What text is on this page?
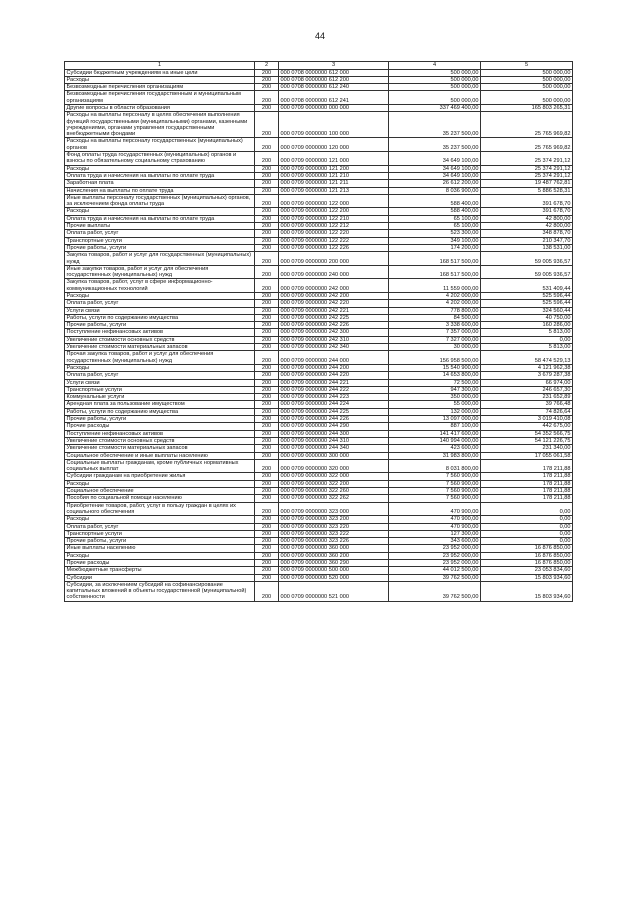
44
1	2	3	4	5
Субсидии бюджетным учреждениям на иные цели	200	000 0708 0000000 612 000	500 000,00	500 000,00
Расходы	200	000 0708 0000000 612 200	500 000,00	500 000,00
Безвозмездные перечисления организациям	200	000 0708 0000000 612 240	500 000,00	500 000,00
Безвозмездные перечисления государственным и муниципальным организациям	200	000 0708 0000000 612 241	500 000,00	500 000,00
Другие вопросы в области образования	200	000 0709 0000000 000 000	337 469 400,00	165 803 265,31
Расходы на выплаты персоналу в целях обеспечения выполнения функций государственными (муниципальными) органами, казенными учреждениями, органами управления государственными внебюджетными фондами	200	000 0709 0000000 100 000	35 237 500,00	25 765 969,82
Расходы на выплаты персоналу государственных (муниципальных) органов	200	000 0709 0000000 120 000	35 237 500,00	25 765 969,82
Фонд оплаты труда государственных (муниципальных) органов и взносы по обязательному социальному страхованию	200	000 0709 0000000 121 000	34 649 100,00	25 374 291,12
Расходы	200	000 0709 0000000 121 200	34 649 100,00	25 374 291,12
Оплата труда и начисления на выплаты по оплате труда	200	000 0709 0000000 121 210	34 649 100,00	25 374 291,12
Заработная плата	200	000 0709 0000000 121 211	26 612 200,00	19 487 762,81
Начисления на выплаты по оплате труда	200	000 0709 0000000 121 213	8 036 900,00	5 886 528,31
Иные выплаты персоналу государственных (муниципальных) органов, за исключением фонда оплаты труда	200	000 0709 0000000 122 000	588 400,00	391 678,70
Расходы	200	000 0709 0000000 122 200	588 400,00	391 678,70
Оплата труда и начисления на выплаты по оплате труда	200	000 0709 0000000 122 210	65 100,00	42 800,00
Прочие выплаты	200	000 0709 0000000 122 212	65 100,00	42 800,00
Оплата работ, услуг	200	000 0709 0000000 122 220	523 300,00	348 878,70
Транспортные услуги	200	000 0709 0000000 122 222	349 100,00	210 347,70
Прочие работы, услуги	200	000 0709 0000000 122 226	174 200,00	138 531,00
Закупка товаров, работ и услуг для государственных (муниципальных) нужд	200	000 0709 0000000 200 000	168 517 500,00	59 005 936,57
Иные закупки товаров, работ и услуг для обеспечения государственных (муниципальных) нужд	200	000 0709 0000000 240 000	168 517 500,00	59 005 936,57
Закупка товаров, работ, услуг в сфере информационно-коммуникационных технологий	200	000 0709 0000000 242 000	11 559 000,00	531 409,44
Расходы	200	000 0709 0000000 242 200	4 202 000,00	525 596,44
Оплата работ, услуг	200	000 0709 0000000 242 220	4 202 000,00	525 596,44
Услуги связи	200	000 0709 0000000 242 221	778 800,00	324 560,44
Работы, услуги по содержанию имущества	200	000 0709 0000000 242 225	84 500,00	40 750,00
Прочие работы, услуги	200	000 0709 0000000 242 226	3 338 600,00	160 286,00
Поступление нефинансовых активов	200	000 0709 0000000 242 300	7 357 000,00	5 813,00
Увеличение стоимости основных средств	200	000 0709 0000000 242 310	7 327 000,00	0,00
Увеличение стоимости материальных запасов	200	000 0709 0000000 242 340	30 000,00	5 813,00
Прочая закупка товаров, работ и услуг для обеспечения государственных (муниципальных) нужд	200	000 0709 0000000 244 000	156 958 500,00	58 474 529,13
Расходы	200	000 0709 0000000 244 200	15 540 900,00	4 121 962,38
Оплата работ, услуг	200	000 0709 0000000 244 220	14 653 800,00	3 679 287,38
Услуги связи	200	000 0709 0000000 244 221	72 500,00	66 974,00
Транспортные услуги	200	000 0709 0000000 244 222	947 300,00	246 657,30
Коммунальные услуги	200	000 0709 0000000 244 223	350 000,00	231 652,89
Арендная плата за пользование имуществом	200	000 0709 0000000 244 224	55 000,00	39 766,48
Работы, услуги по содержанию имущества	200	000 0709 0000000 244 225	132 000,00	74 826,64
Прочие работы, услуги	200	000 0709 0000000 244 226	13 097 000,00	3 019 410,08
Прочие расходы	200	000 0709 0000000 244 290	887 100,00	442 675,00
Поступление нефинансовых активов	200	000 0709 0000000 244 300	141 417 600,00	54 352 566,75
Увеличение стоимости основных средств	200	000 0709 0000000 244 310	140 994 000,00	54 121 226,75
Увеличение стоимости материальных запасов	200	000 0709 0000000 244 340	423 600,00	231 340,00
Социальное обеспечение и иные выплаты населению	200	000 0709 0000000 300 000	31 983 800,00	17 055 061,58
Социальные выплаты гражданам, кроме публичных нормативных социальных выплат	200	000 0709 0000000 320 000	8 031 800,00	178 211,88
Субсидии гражданам на приобретение жилья	200	000 0709 0000000 322 000	7 560 900,00	178 211,88
Расходы	200	000 0709 0000000 322 200	7 560 900,00	178 211,88
Социальное обеспечение	200	000 0709 0000000 322 260	7 560 900,00	178 211,88
Пособия по социальной помощи населению	200	000 0709 0000000 322 262	7 560 900,00	178 211,88
Приобретение товаров, работ, услуг в пользу граждан в целях их социального обеспечения	200	000 0709 0000000 323 000	470 900,00	0,00
Расходы	200	000 0709 0000000 323 200	470 900,00	0,00
Оплата работ, услуг	200	000 0709 0000000 323 220	470 900,00	0,00
Транспортные услуги	200	000 0709 0000000 323 222	127 300,00	0,00
Прочие работы, услуги	200	000 0709 0000000 323 226	343 600,00	0,00
Иные выплаты населению	200	000 0709 0000000 360 000	23 952 000,00	16 876 850,00
Расходы	200	000 0709 0000000 360 200	23 952 000,00	16 876 850,00
Прочие расходы	200	000 0709 0000000 360 290	23 952 000,00	16 876 850,00
Межбюджетные трансферты	200	000 0709 0000000 500 000	44 012 500,00	23 053 834,60
Субсидии	200	000 0709 0000000 520 000	39 762 500,00	15 803 934,60
Субсидии, за исключением субсидий на софинансирование капитальных вложений в объекты государственной (муниципальной) собственности	200	000 0709 0000000 521 000	39 762 500,00	15 803 934,60
